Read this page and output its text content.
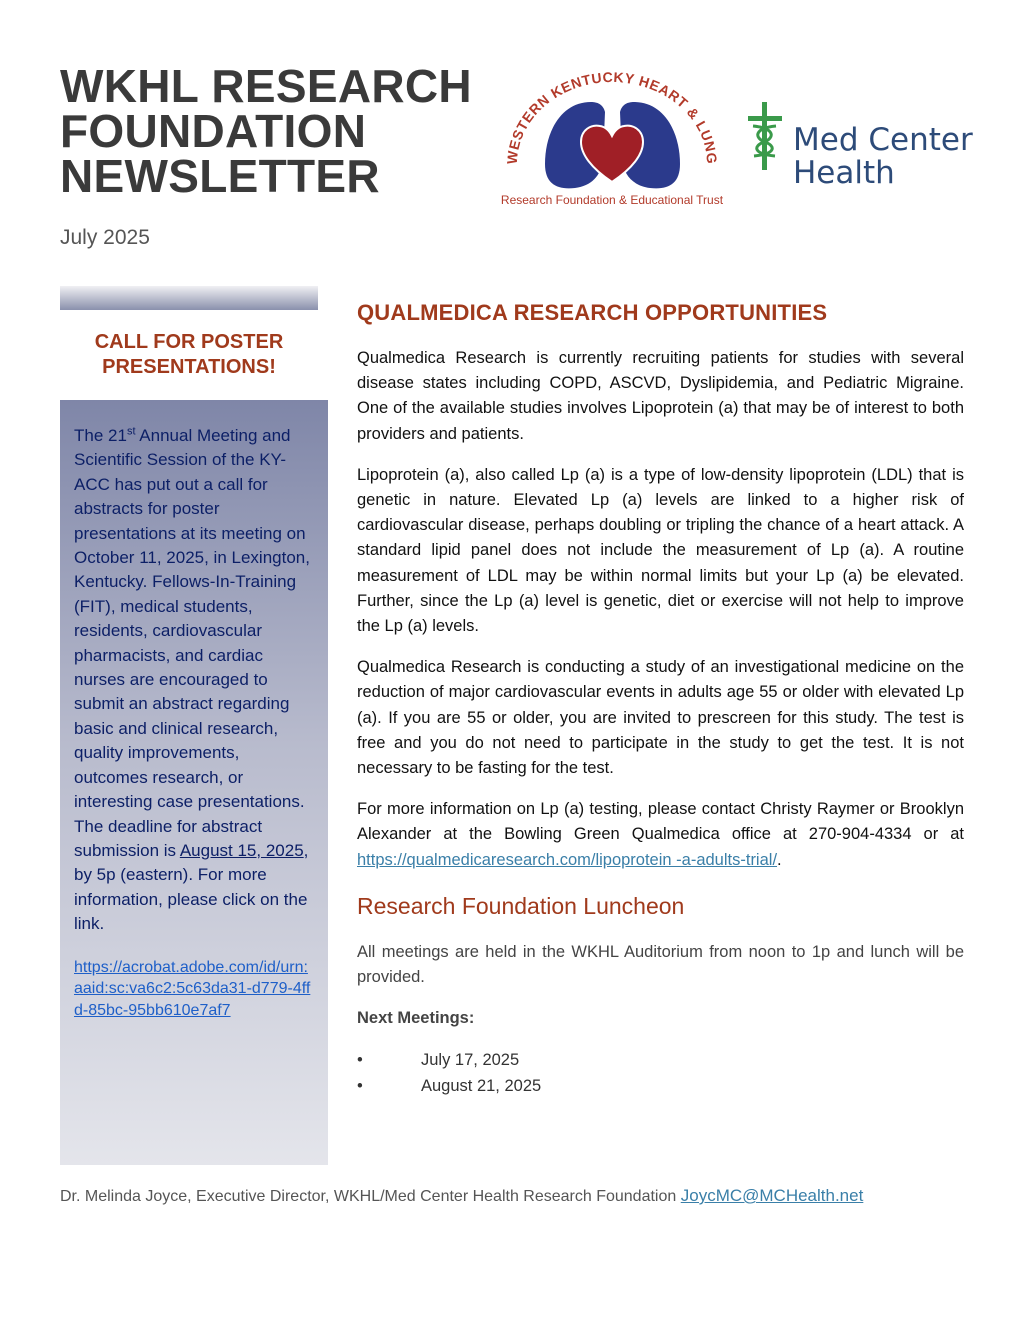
WKHL RESEARCH
FOUNDATION
NEWSLETTER
July 2025
WESTERN KENTUCKY HEART & LUNG
Research Foundation & Educational Trust
Med Center
Health
CALL FOR POSTER
PRESENTATIONS!

The 21st Annual Meeting and Scientific Session of the KY-ACC has put out a call for abstracts for poster presentations at its meeting on October 11, 2025, in Lexington, Kentucky. Fellows-In-Training (FIT), medical students, residents, cardiovascular pharmacists, and cardiac nurses are encouraged to submit an abstract regarding basic and clinical research, quality improvements, outcomes research, or interesting case presentations. The deadline for abstract submission is August 15, 2025, by 5p (eastern). For more information, please click on the link.

https://acrobat.adobe.com/id/urn:aaid:sc:va6c2:5c63da31-d779-4ffd-85bc-95bb610e7af7
QUALMEDICA RESEARCH OPPORTUNITIES

Qualmedica Research is currently recruiting patients for studies with several disease states including COPD, ASCVD, Dyslipidemia, and Pediatric Migraine. One of the available studies involves Lipoprotein (a) that may be of interest to both providers and patients.

Lipoprotein (a), also called Lp (a) is a type of low-density lipoprotein (LDL) that is genetic in nature. Elevated Lp (a) levels are linked to a higher risk of cardiovascular disease, perhaps doubling or tripling the chance of a heart attack. A standard lipid panel does not include the measurement of Lp (a). A routine measurement of LDL may be within normal limits but your Lp (a) be elevated. Further, since the Lp (a) level is genetic, diet or exercise will not help to improve the Lp (a) levels.

Qualmedica Research is conducting a study of an investigational medicine on the reduction of major cardiovascular events in adults age 55 or older with elevated Lp (a). If you are 55 or older, you are invited to prescreen for this study. The test is free and you do not need to participate in the study to get the test. It is not necessary to be fasting for the test.

For more information on Lp (a) testing, please contact Christy Raymer or Brooklyn Alexander at the Bowling Green Qualmedica office at 270-904-4334 or at https://qualmedicaresearch.com/lipoprotein -a-adults-trial/.

Research Foundation Luncheon

All meetings are held in the WKHL Auditorium from noon to 1p and lunch will be provided.

Next Meetings:

•	July 17, 2025
•	August 21, 2025
Dr. Melinda Joyce, Executive Director, WKHL/Med Center Health Research Foundation JoycMC@MCHealth.net
